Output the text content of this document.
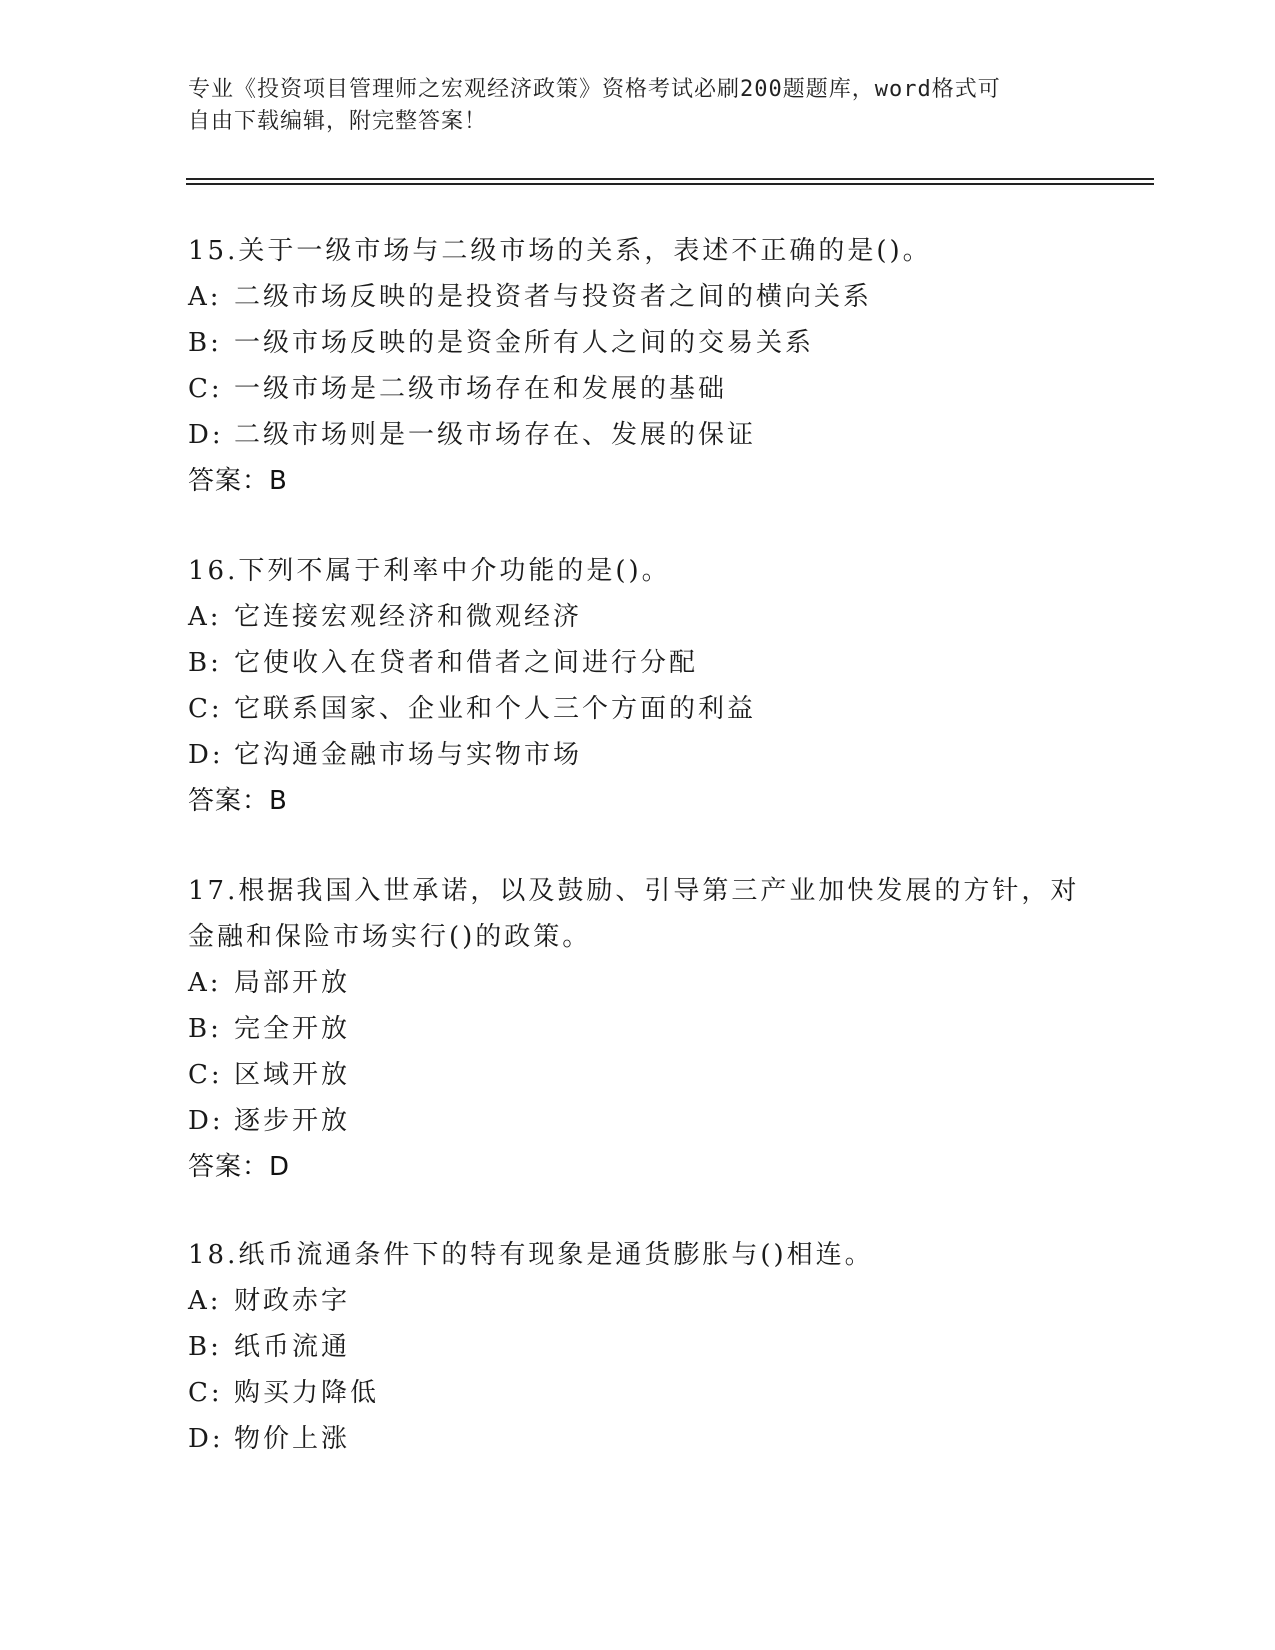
专业《投资项目管理师之宏观经济政策》资格考试必刷200题题库，word格式可
自由下载编辑，附完整答案！
15.关于一级市场与二级市场的关系，表述不正确的是()。
A: 二级市场反映的是投资者与投资者之间的横向关系
B: 一级市场反映的是资金所有人之间的交易关系
C: 一级市场是二级市场存在和发展的基础
D: 二级市场则是一级市场存在、发展的保证
答案：B
16.下列不属于利率中介功能的是()。
A: 它连接宏观经济和微观经济
B: 它使收入在贷者和借者之间进行分配
C: 它联系国家、企业和个人三个方面的利益
D: 它沟通金融市场与实物市场
答案：B
17.根据我国入世承诺，以及鼓励、引导第三产业加快发展的方针，对
金融和保险市场实行()的政策。
A: 局部开放
B: 完全开放
C: 区域开放
D: 逐步开放
答案：D
18.纸币流通条件下的特有现象是通货膨胀与()相连。
A: 财政赤字
B: 纸币流通
C: 购买力降低
D: 物价上涨
